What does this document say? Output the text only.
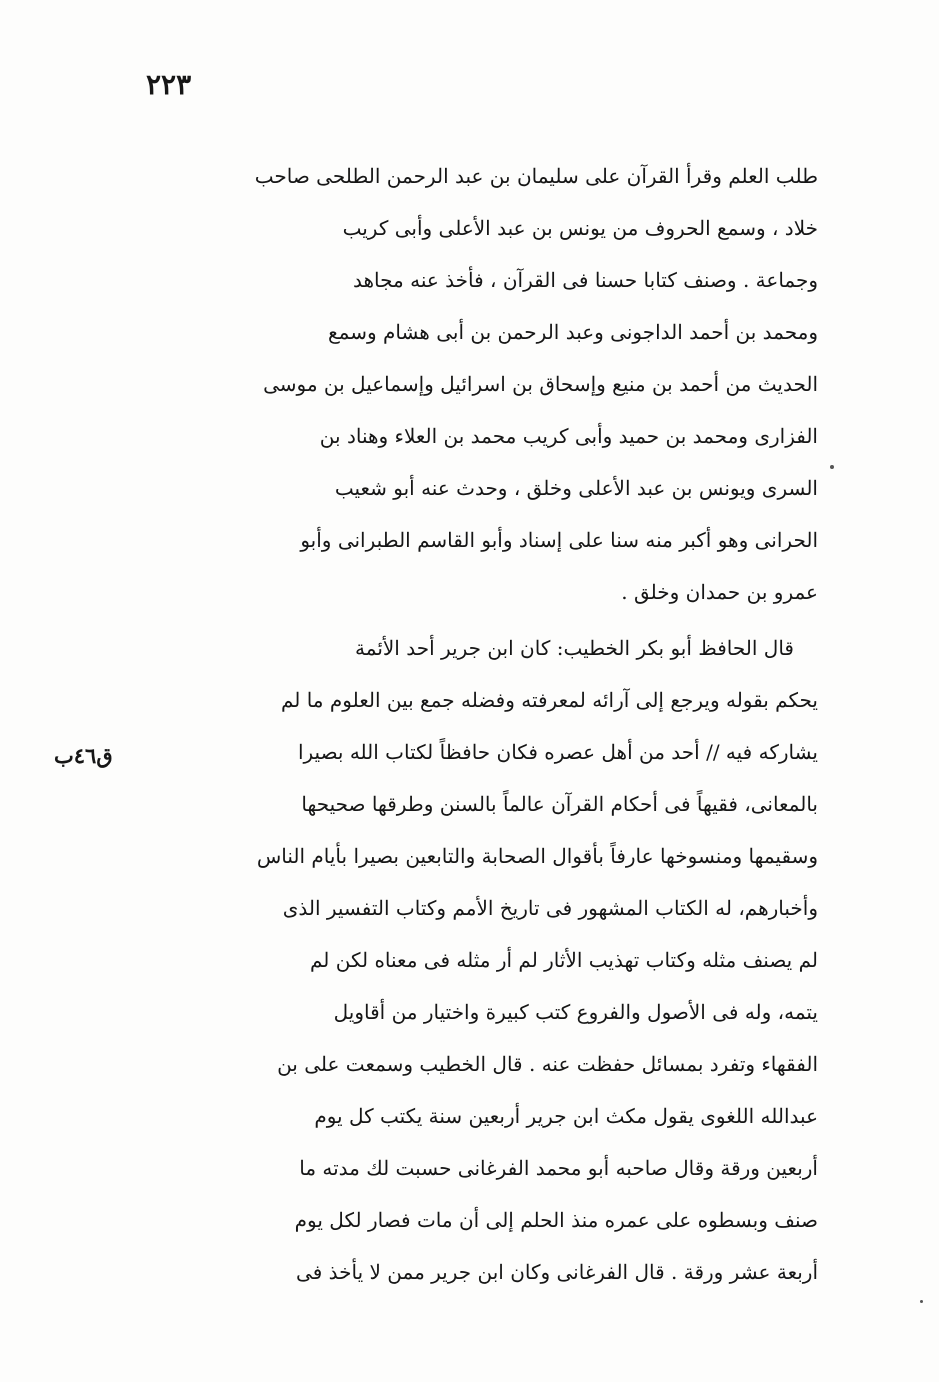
٢٢٣

طلب العلم وقرأ القرآن على سليمان بن عبد الرحمن الطلحى صاحب

خلاد ، وسمع الحروف من يونس بن عبد الأعلى وأبى كريب

وجماعة . وصنف كتابا حسنا فى القرآن ، فأخذ عنه مجاهد

ومحمد بن أحمد الداجونى وعبد الرحمن بن أبى هشام وسمع

الحديث من أحمد بن منيع وإسحاق بن اسرائيل وإسماعيل بن موسى

الفزارى ومحمد بن حميد وأبى كريب محمد بن العلاء وهناد بن

السرى ويونس بن عبد الأعلى وخلق ، وحدث عنه أبو شعيب

الحرانى وهو أكبر منه سنا على إسناد وأبو القاسم الطبرانى وأبو

عمرو بن حمدان وخلق .

قال الحافظ أبو بكر الخطيب: كان ابن جرير أحد الأئمة

يحكم بقوله ويرجع إلى آرائه لمعرفته وفضله جمع بين العلوم ما لم

يشاركه فيه // أحد من أهل عصره فكان حافظاً لكتاب الله بصيرا

بالمعانى، فقيهاً فى أحكام القرآن عالماً بالسنن وطرقها صحيحها

وسقيمها ومنسوخها عارفاً بأقوال الصحابة والتابعين بصيرا بأيام الناس

وأخبارهم، له الكتاب المشهور فى تاريخ الأمم وكتاب التفسير الذى

لم يصنف مثله وكتاب تهذيب الأثار لم أر مثله فى معناه لكن لم

يتمه، وله فى الأصول والفروع كتب كبيرة واختيار من أقاويل

الفقهاء وتفرد بمسائل حفظت عنه . قال الخطيب وسمعت على بن

عبدالله اللغوى يقول مكث ابن جرير أربعين سنة يكتب كل يوم

أربعين ورقة وقال صاحبه أبو محمد الفرغانى حسبت لك مدته ما

صنف وبسطوه على عمره منذ الحلم إلى أن مات فصار لكل يوم

أربعة عشر ورقة . قال الفرغانى وكان ابن جرير ممن لا يأخذ فى

ق٤٦ب
